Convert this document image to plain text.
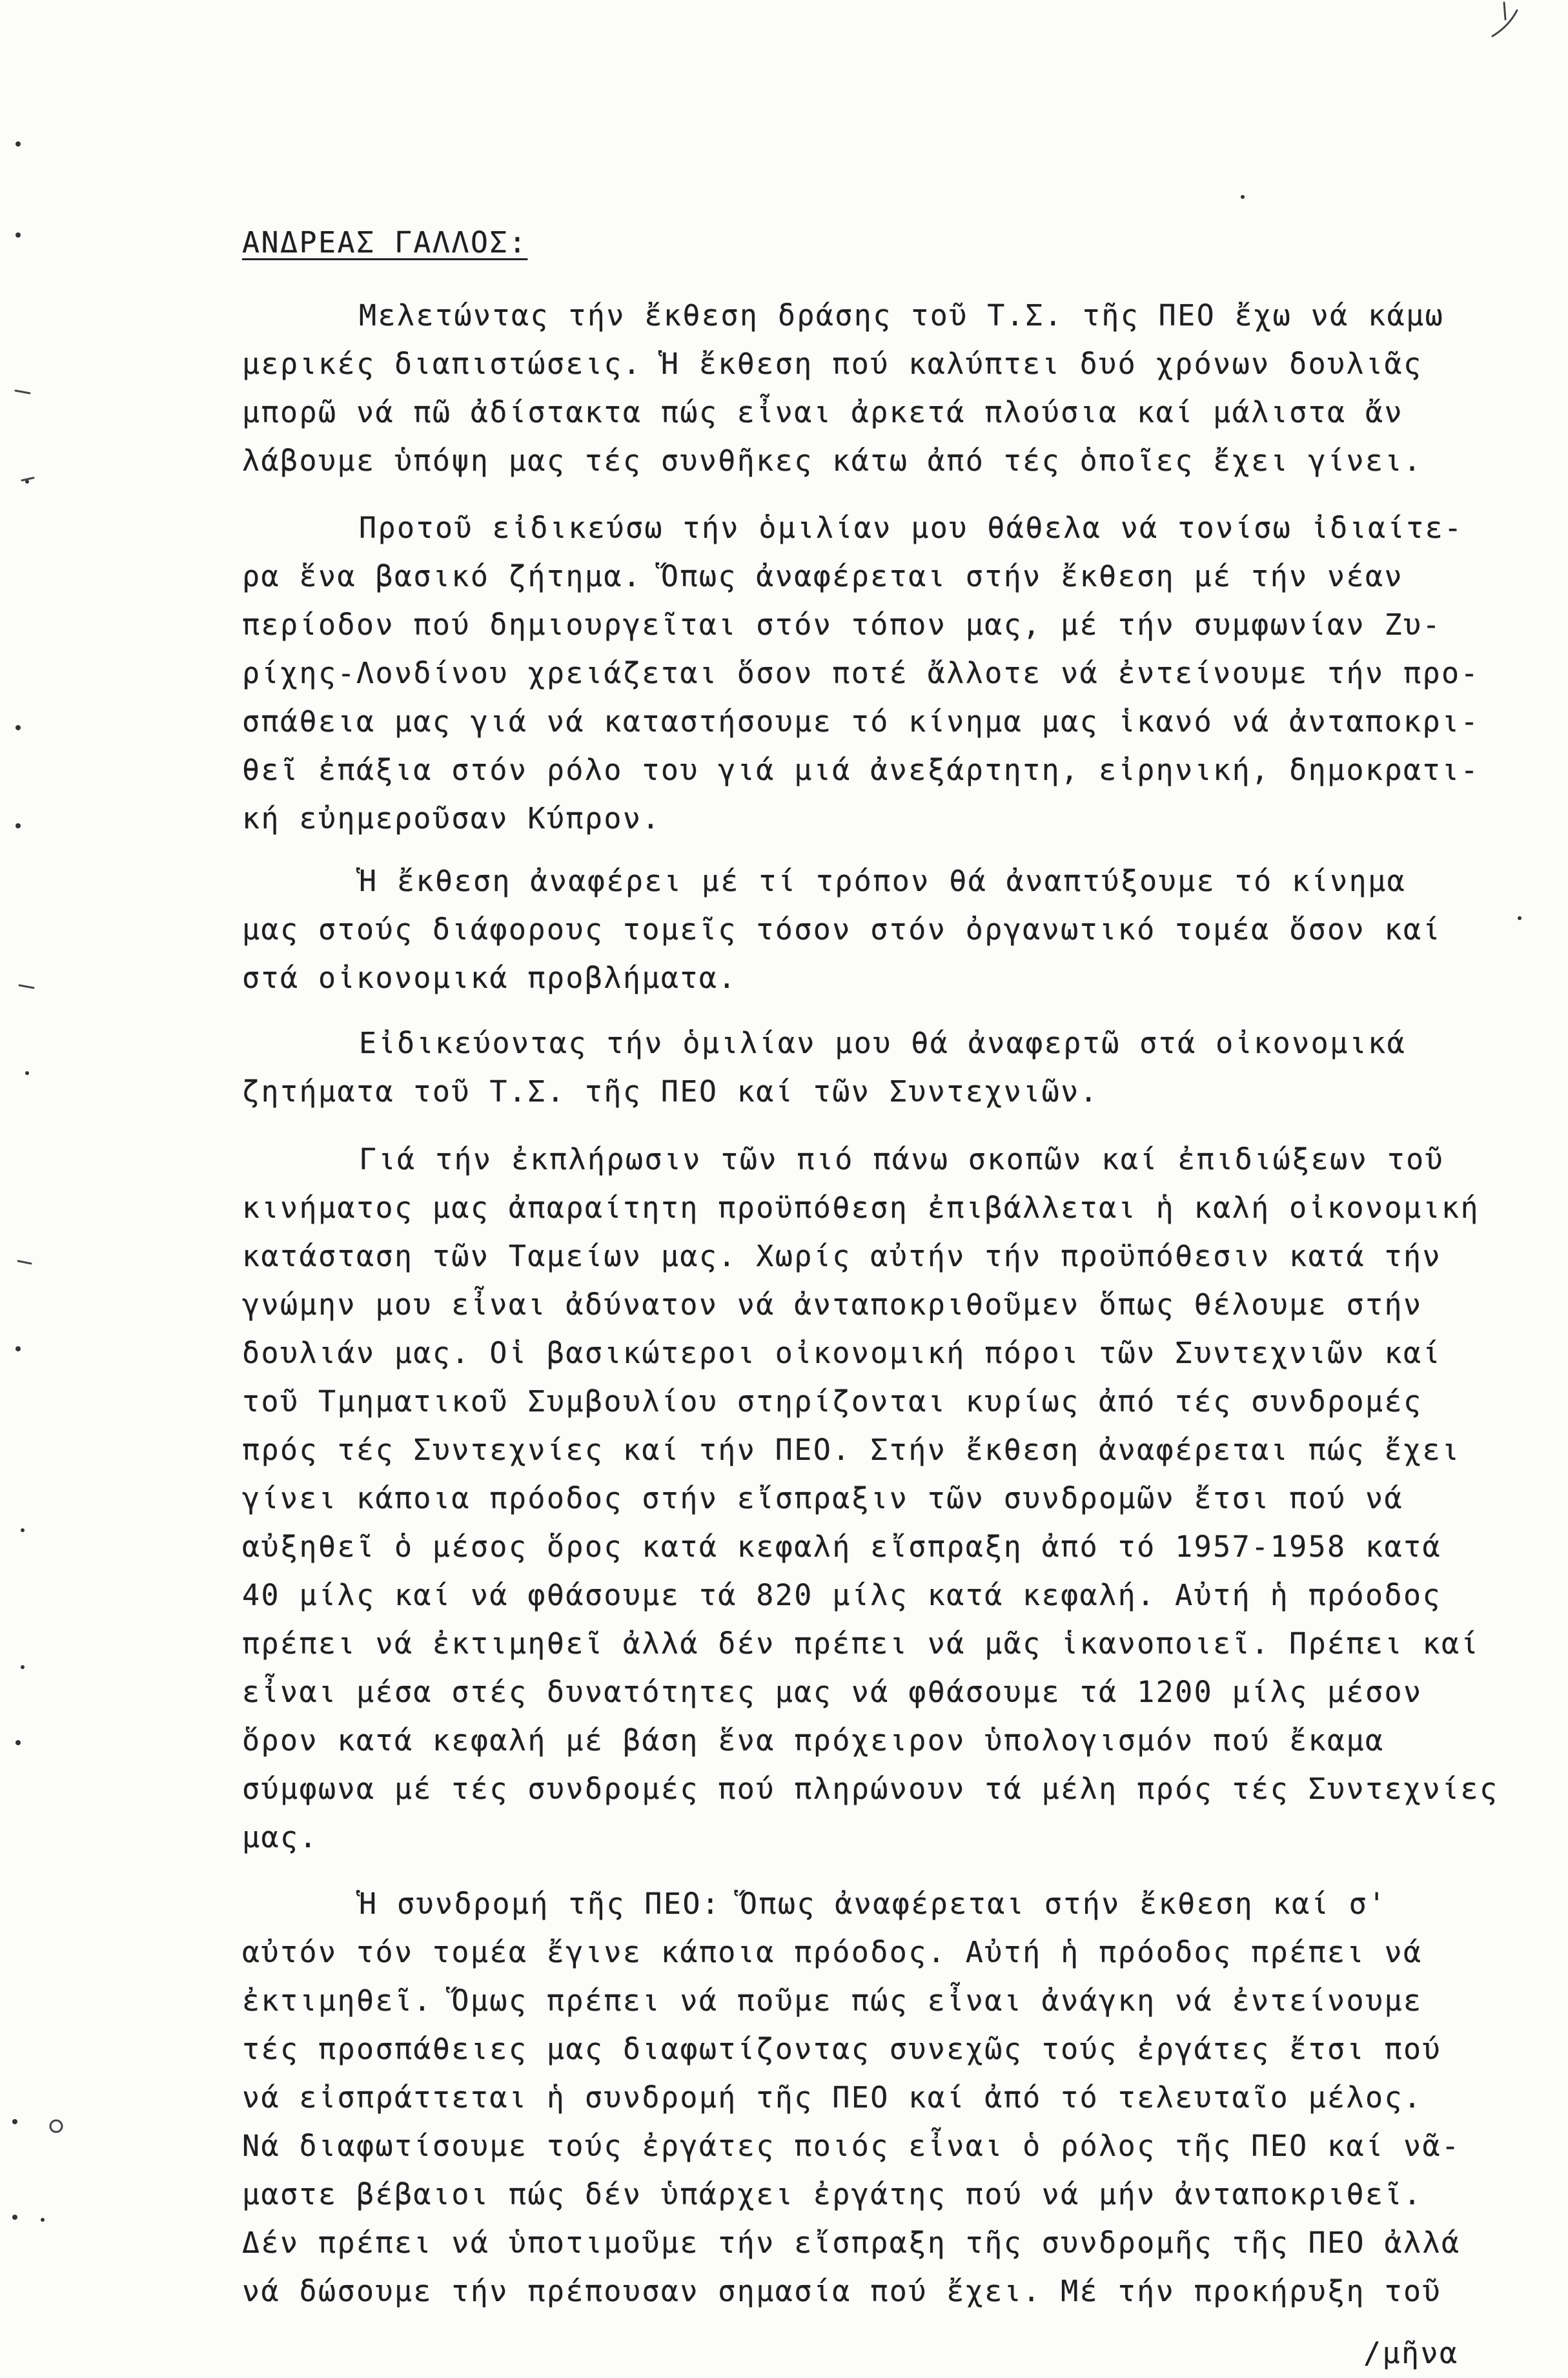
ΑΝΔΡΕΑΣ ΓΑΛΛΟΣ:
Μελετώντας τήν ἔκθεση δράσης τοῦ Τ.Σ. τῆς ΠΕΟ ἔχω νά κάμω
μερικές διαπιστώσεις. Ἡ ἔκθεση πού καλύπτει δυό χρόνων δουλιᾶς
μπορῶ νά πῶ ἀδίστακτα πώς εἶναι ἀρκετά πλούσια καί μάλιστα ἄν
λάβουμε ὑπόψη μας τές συνθῆκες κάτω ἀπό τές ὁποῖες ἔχει γίνει.
Προτοῦ εἰδικεύσω τήν ὁμιλίαν μου θάθελα νά τονίσω ἰδιαίτε-
ρα ἕνα βασικό ζήτημα. Ὅπως ἀναφέρεται στήν ἔκθεση μέ τήν νέαν
περίοδον πού δημιουργεῖται στόν τόπον μας, μέ τήν συμφωνίαν Ζυ-
ρίχης-Λονδίνου χρειάζεται ὅσον ποτέ ἄλλοτε νά ἐντείνουμε τήν προ-
σπάθεια μας γιά νά καταστήσουμε τό κίνημα μας ἱκανό νά ἀνταποκρι-
θεῖ ἐπάξια στόν ρόλο του γιά μιά ἀνεξάρτητη, εἰρηνική, δημοκρατι-
κή εὐημεροῦσαν Κύπρον.
Ἡ ἔκθεση ἀναφέρει μέ τί τρόπον θά ἀναπτύξουμε τό κίνημα
μας στούς διάφορους τομεῖς τόσον στόν ὀργανωτικό τομέα ὅσον καί
στά οἰκονομικά προβλήματα.
Εἰδικεύοντας τήν ὁμιλίαν μου θά ἀναφερτῶ στά οἰκονομικά
ζητήματα τοῦ Τ.Σ. τῆς ΠΕΟ καί τῶν Συντεχνιῶν.
Γιά τήν ἐκπλήρωσιν τῶν πιό πάνω σκοπῶν καί ἐπιδιώξεων τοῦ
κινήματος μας ἀπαραίτητη προϋπόθεση ἐπιβάλλεται ἡ καλή οἰκονομική
κατάσταση τῶν Ταμείων μας. Χωρίς αὐτήν τήν προϋπόθεσιν κατά τήν
γνώμην μου εἶναι ἀδύνατον νά ἀνταποκριθοῦμεν ὅπως θέλουμε στήν
δουλιάν μας. Οἱ βασικώτεροι οἰκονομική πόροι τῶν Συντεχνιῶν καί
τοῦ Τμηματικοῦ Συμβουλίου στηρίζονται κυρίως ἀπό τές συνδρομές
πρός τές Συντεχνίες καί τήν ΠΕΟ. Στήν ἔκθεση ἀναφέρεται πώς ἔχει
γίνει κάποια πρόοδος στήν εἴσπραξιν τῶν συνδρομῶν ἔτσι πού νά
αὐξηθεῖ ὁ μέσος ὅρος κατά κεφαλή εἴσπραξη ἀπό τό 1957-1958 κατά
40 μίλς καί νά φθάσουμε τά 820 μίλς κατά κεφαλή. Αὐτή ἡ πρόοδος
πρέπει νά ἐκτιμηθεῖ ἀλλά δέν πρέπει νά μᾶς ἱκανοποιεῖ. Πρέπει καί
εἶναι μέσα στές δυνατότητες μας νά φθάσουμε τά 1200 μίλς μέσον
ὅρον κατά κεφαλή μέ βάση ἕνα πρόχειρον ὑπολογισμόν πού ἔκαμα
σύμφωνα μέ τές συνδρομές πού πληρώνουν τά μέλη πρός τές Συντεχνίες
μας.
Ἡ συνδρομή τῆς ΠΕΟ: Ὅπως ἀναφέρεται στήν ἔκθεση καί σ'
αὐτόν τόν τομέα ἔγινε κάποια πρόοδος. Αὐτή ἡ πρόοδος πρέπει νά
ἐκτιμηθεῖ. Ὅμως πρέπει νά ποῦμε πώς εἶναι ἀνάγκη νά ἐντείνουμε
τές προσπάθειες μας διαφωτίζοντας συνεχῶς τούς ἐργάτες ἔτσι πού
νά εἰσπράττεται ἡ συνδρομή τῆς ΠΕΟ καί ἀπό τό τελευταῖο μέλος.
Νά διαφωτίσουμε τούς ἐργάτες ποιός εἶναι ὁ ρόλος τῆς ΠΕΟ καί νᾶ-
μαστε βέβαιοι πώς δέν ὑπάρχει ἐργάτης πού νά μήν ἀνταποκριθεῖ.
Δέν πρέπει νά ὑποτιμοῦμε τήν εἴσπραξη τῆς συνδρομῆς τῆς ΠΕΟ ἀλλά
νά δώσουμε τήν πρέπουσαν σημασία πού ἔχει. Μέ τήν προκήρυξη τοῦ
/μῆνα
